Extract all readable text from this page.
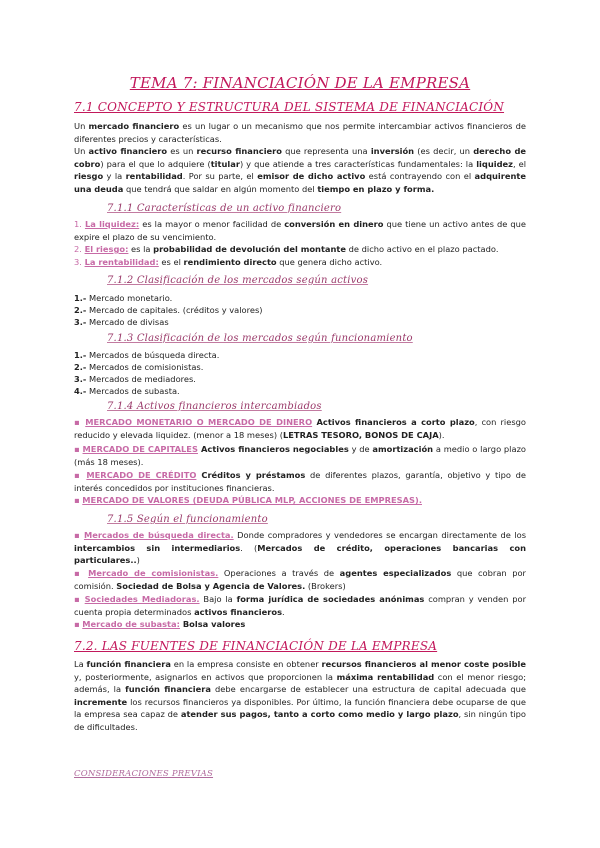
TEMA 7: FINANCIACIÓN DE LA EMPRESA
7.1 CONCEPTO Y ESTRUCTURA DEL SISTEMA DE FINANCIACIÓN

Un mercado financiero es un lugar o un mecanismo que nos permite intercambiar activos financieros de diferentes precios y características.

Un activo financiero es un recurso financiero que representa una inversión (es decir, un derecho de cobro) para el que lo adquiere (titular) y que atiende a tres características fundamentales: la liquidez, el riesgo y la rentabilidad. Por su parte, el emisor de dicho activo está contrayendo con el adquirente una deuda que tendrá que saldar en algún momento del tiempo en plazo y forma.

7.1.1 Características de un activo financiero

1. La liquidez: es la mayor o menor facilidad de conversión en dinero que tiene un activo antes de que expire el plazo de su vencimiento.

2. El riesgo: es la probabilidad de devolución del montante de dicho activo en el plazo pactado.

3. La rentabilidad: es el rendimiento directo que genera dicho activo.

7.1.2 Clasificación de los mercados según activos

1.- Mercado monetario.

2.- Mercado de capitales. (créditos y valores)

3.- Mercado de divisas

7.1.3 Clasificación de los mercados según funcionamiento

1.- Mercados de búsqueda directa.

2.- Mercados de comisionistas.

3.- Mercados de mediadores.

4.- Mercados de subasta.

7.1.4 Activos financieros intercambiados

▪ MERCADO MONETARIO O MERCADO DE DINERO Activos financieros a corto plazo, con riesgo reducido y elevada liquidez. (menor a 18 meses) (LETRAS TESORO, BONOS DE CAJA).

▪ MERCADO DE CAPITALES Activos financieros negociables y de amortización a medio o largo plazo (más 18 meses).

▪ MERCADO DE CRÉDITO Créditos y préstamos de diferentes plazos, garantía, objetivo y tipo de interés concedidos por instituciones financieras.

▪ MERCADO DE VALORES (DEUDA PÚBLICA MLP, ACCIONES DE EMPRESAS).

7.1.5 Según el funcionamiento

▪ Mercados de búsqueda directa. Donde compradores y vendedores se encargan directamente de los intercambios sin intermediarios. (Mercados de crédito, operaciones bancarias con particulares..)

▪ Mercado de comisionistas. Operaciones a través de agentes especializados que cobran por comisión. Sociedad de Bolsa y Agencia de Valores. (Brokers)

▪ Sociedades Mediadoras. Bajo la forma jurídica de sociedades anónimas compran y venden por cuenta propia determinados activos financieros.

▪ Mercado de subasta: Bolsa valores

7.2. LAS FUENTES DE FINANCIACIÓN DE LA EMPRESA

La función financiera en la empresa consiste en obtener recursos financieros al menor coste posible y, posteriormente, asignarlos en activos que proporcionen la máxima rentabilidad con el menor riesgo; además, la función financiera debe encargarse de establecer una estructura de capital adecuada que incremente los recursos financieros ya disponibles. Por último, la función financiera debe ocuparse de que la empresa sea capaz de atender sus pagos, tanto a corto como medio y largo plazo, sin ningún tipo de dificultades.

CONSIDERACIONES PREVIAS
